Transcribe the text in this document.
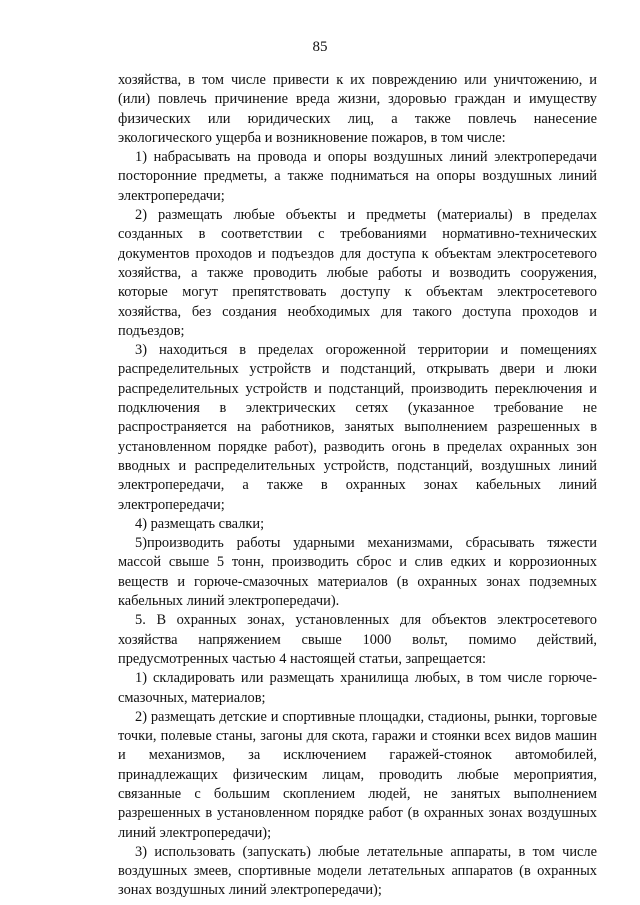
85

хозяйства, в том числе привести к их повреждению или уничтожению, и (или) повлечь причинение вреда жизни, здоровью граждан и имуществу физических или юридических лиц, а также повлечь нанесение экологического ущерба и возникновение пожаров, в том числе:

1) набрасывать на провода и опоры воздушных линий электропередачи посторонние предметы, а также подниматься на опоры воздушных линий электропередачи;

2) размещать любые объекты и предметы (материалы) в пределах созданных в соответствии с требованиями нормативно-технических документов проходов и подъездов для доступа к объектам электросетевого хозяйства, а также проводить любые работы и возводить сооружения, которые могут препятствовать доступу к объектам электросетевого хозяйства, без создания необходимых для такого доступа проходов и подъездов;

3) находиться в пределах огороженной территории и помещениях распределительных устройств и подстанций, открывать двери и люки распределительных устройств и подстанций, производить переключения и подключения в электрических сетях (указанное требование не распространяется на работников, занятых выполнением разрешенных в установленном порядке работ), разводить огонь в пределах охранных зон вводных и распределительных устройств, подстанций, воздушных линий электропередачи, а также в охранных зонах кабельных линий электропередачи;

4) размещать свалки;

5)производить работы ударными механизмами, сбрасывать тяжести массой свыше 5 тонн, производить сброс и слив едких и коррозионных веществ и горюче-смазочных материалов (в охранных зонах подземных кабельных линий электропередачи).

5. В охранных зонах, установленных для объектов электросетевого хозяйства напряжением свыше 1000 вольт, помимо действий, предусмотренных частью 4 настоящей статьи, запрещается:

1) складировать или размещать хранилища любых, в том числе горюче-смазочных, материалов;

2) размещать детские и спортивные площадки, стадионы, рынки, торговые точки, полевые станы, загоны для скота, гаражи и стоянки всех видов машин и механизмов, за исключением гаражей-стоянок автомобилей, принадлежащих физическим лицам, проводить любые мероприятия, связанные с большим скоплением людей, не занятых выполнением разрешенных в установленном порядке работ (в охранных зонах воздушных линий электропередачи);

3) использовать (запускать) любые летательные аппараты, в том числе воздушных змеев, спортивные модели летательных аппаратов (в охранных зонах воздушных линий электропередачи);
